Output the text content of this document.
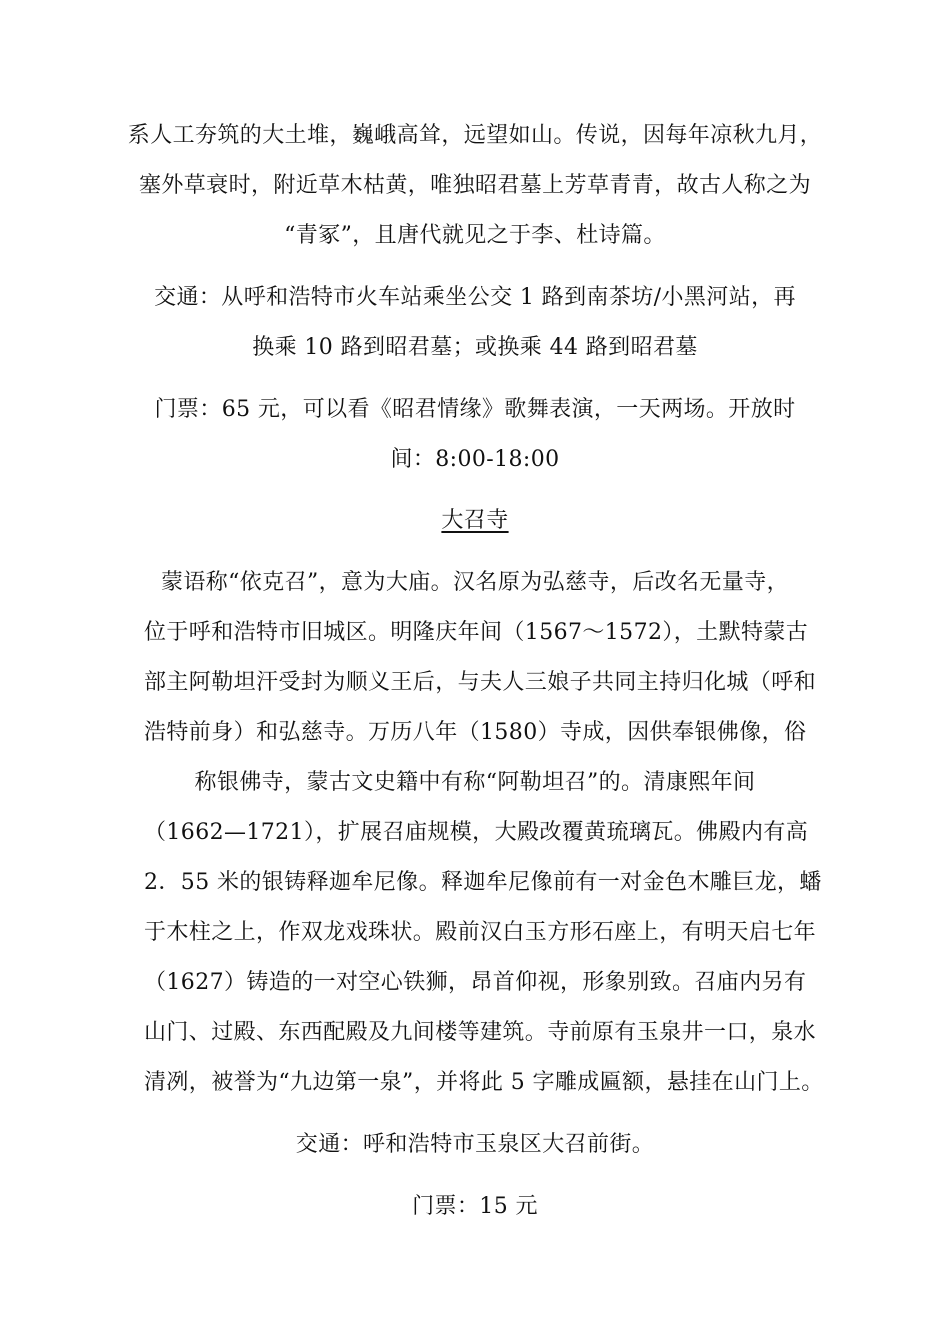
系人工夯筑的大土堆，巍峨高耸，远望如山。传说，因每年凉秋九月，
塞外草衰时，附近草木枯黄，唯独昭君墓上芳草青青，故古人称之为
“青冢”，且唐代就见之于李、杜诗篇。
交通：从呼和浩特市火车站乘坐公交 1 路到南茶坊/小黑河站，再
换乘 10 路到昭君墓；或换乘 44 路到昭君墓
门票：65 元，可以看《昭君情缘》歌舞表演，一天两场。开放时
间：8:00-18:00
大召寺
蒙语称“依克召”，意为大庙。汉名原为弘慈寺，后改名无量寺，
位于呼和浩特市旧城区。明隆庆年间（1567～1572），土默特蒙古
部主阿勒坦汗受封为顺义王后，与夫人三娘子共同主持归化城（呼和
浩特前身）和弘慈寺。万历八年（1580）寺成，因供奉银佛像，俗
称银佛寺，蒙古文史籍中有称“阿勒坦召”的。清康熙年间
（1662—1721），扩展召庙规模，大殿改覆黄琉璃瓦。佛殿内有高
2．55 米的银铸释迦牟尼像。释迦牟尼像前有一对金色木雕巨龙，蟠
于木柱之上，作双龙戏珠状。殿前汉白玉方形石座上，有明天启七年
（1627）铸造的一对空心铁狮，昂首仰视，形象别致。召庙内另有
山门、过殿、东西配殿及九间楼等建筑。寺前原有玉泉井一口，泉水
清冽，被誉为“九边第一泉”，并将此 5 字雕成匾额，悬挂在山门上。
交通：呼和浩特市玉泉区大召前街。
门票：15 元
